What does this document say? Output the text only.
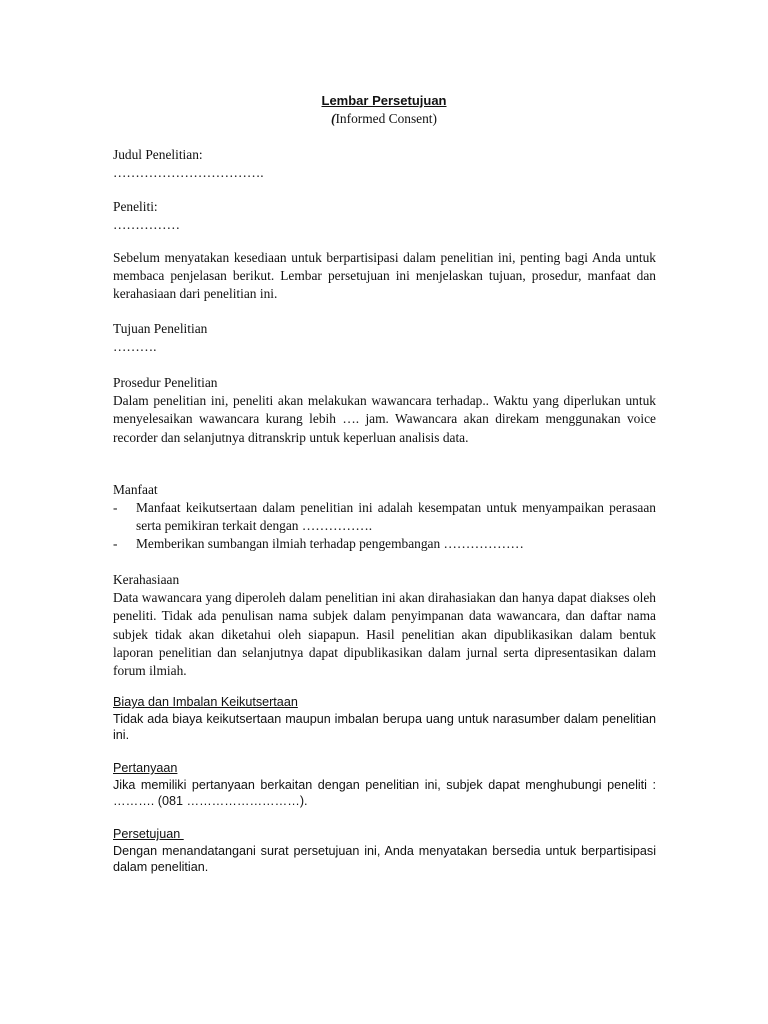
Lembar Persetujuan
(Informed Consent)
Judul Penelitian:
…………………………….
Peneliti:
……………
Sebelum menyatakan kesediaan untuk berpartisipasi dalam penelitian ini, penting bagi Anda untuk membaca penjelasan berikut. Lembar persetujuan ini menjelaskan tujuan, prosedur, manfaat dan kerahasiaan dari penelitian ini.
Tujuan Penelitian
……….
Prosedur Penelitian
Dalam penelitian ini, peneliti akan melakukan wawancara terhadap.. Waktu yang diperlukan untuk menyelesaikan wawancara kurang lebih …. jam. Wawancara akan direkam menggunakan voice recorder dan selanjutnya ditranskrip untuk keperluan analisis data.
Manfaat
- Manfaat keikutsertaan dalam penelitian ini adalah kesempatan untuk menyampaikan perasaan serta pemikiran terkait dengan …………….
- Memberikan sumbangan ilmiah terhadap pengembangan ………………
Kerahasiaan
Data wawancara yang diperoleh dalam penelitian ini akan dirahasiakan dan hanya dapat diakses oleh peneliti. Tidak ada penulisan nama subjek dalam penyimpanan data wawancara, dan daftar nama subjek tidak akan diketahui oleh siapapun. Hasil penelitian akan dipublikasikan dalam bentuk laporan penelitian dan selanjutnya dapat dipublikasikan dalam jurnal serta dipresentasikan dalam forum ilmiah.
Biaya dan Imbalan Keikutsertaan
Tidak ada biaya keikutsertaan maupun imbalan berupa uang untuk narasumber dalam penelitian ini.
Pertanyaan
Jika memiliki pertanyaan berkaitan dengan penelitian ini, subjek dapat menghubungi peneliti : ………. (081 ………………………).
Persetujuan
Dengan menandatangani surat persetujuan ini, Anda menyatakan bersedia untuk berpartisipasi dalam penelitian.
